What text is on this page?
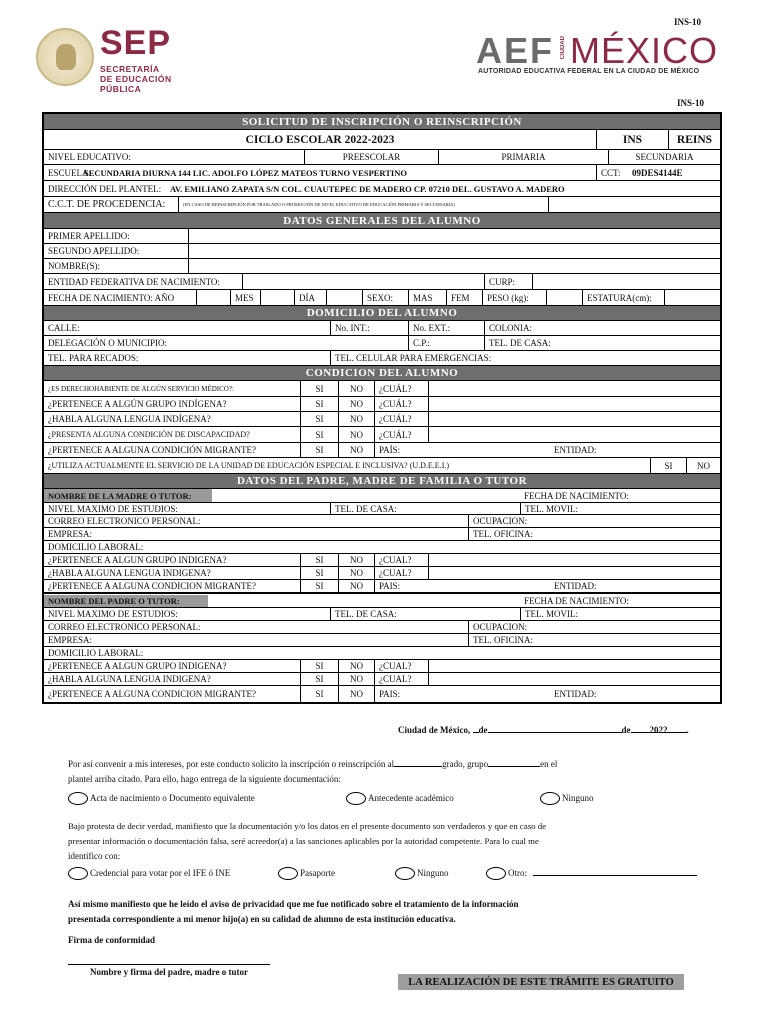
SEP
SECRETARÍA
DE EDUCACIÓN
PÚBLICA
INS-10
AEF CIUDAD MÉXICO
AUTORIDAD EDUCATIVA FEDERAL EN LA CIUDAD DE MÉXICO
INS-10
SOLICITUD DE INSCRIPCIÓN O REINSCRIPCIÓN
CICLO ESCOLAR 2022-2023	INS	REINS
NIVEL EDUCATIVO:	PREESCOLAR	PRIMARIA	SECUNDARIA
ESCUELA:
SECUNDARIA DIURNA 144 LIC. ADOLFO LÓPEZ MATEOS TURNO VESPERTINO	CCT:	09DES4144E
DIRECCIÓN DEL PLANTEL:	AV. EMILIANO ZAPATA S/N COL. CUAUTEPEC DE MADERO CP. 07210 DEL. GUSTAVO A. MADERO
C.C.T. DE PROCEDENCIA:	(EN CASO DE REINSCRIPCIÓN POR TRASLADO O PROMOCIÓN DE NIVEL EDUCATIVO DE EDUCACIÓN PRIMARIA Y SECUNDARIA)
DATOS GENERALES DEL ALUMNO
PRIMER APELLIDO:
SEGUNDO APELLIDO:
NOMBRE(S):
ENTIDAD FEDERATIVA DE NACIMIENTO:	CURP:
FECHA DE NACIMIENTO: AÑO	MES	DÍA	SEXO:	MAS	FEM	PESO (kg):	ESTATURA(cm):
DOMICILIO DEL ALUMNO
CALLE:	No. INT.:	No. EXT.:	COLONIA:
DELEGACIÓN O MUNICIPIO:	C.P.:	TEL. DE CASA:
TEL. PARA RECADOS:	TEL. CELULAR PARA EMERGENCIAS:
CONDICION DEL ALUMNO
¿ES DERECHOHABIENTE DE ALGÚN SERVICIO MÉDICO?:	SI	NO	¿CUÁL?
¿PERTENECE A ALGÚN GRUPO INDÍGENA?	SI	NO	¿CUÁL?
¿HABLA ALGUNA LENGUA INDÍGENA?	SI	NO	¿CUÁL?
¿PRESENTA ALGUNA CONDICIÓN DE DISCAPACIDAD?	SI	NO	¿CUÁL?
¿PERTENECE A ALGUNA CONDICIÓN MIGRANTE?	SI	NO	PAÍS:	ENTIDAD:
¿UTILIZA ACTUALMENTE EL SERVICIO DE LA UNIDAD DE EDUCACIÓN ESPECIAL E INCLUSIVA? (U.D.E.E.I.)	SI	NO
DATOS DEL PADRE, MADRE DE FAMILIA O TUTOR
NOMBRE DE LA MADRE O TUTOR:	FECHA DE NACIMIENTO:
NIVEL MAXIMO DE ESTUDIOS:	TEL. DE CASA:	TEL. MOVIL:
CORREO ELECTRONICO PERSONAL:	OCUPACION:
EMPRESA:	TEL. OFICINA:
DOMICILIO LABORAL:
¿PERTENECE A ALGUN GRUPO INDIGENA?	SI	NO	¿CUAL?
¿HABLA ALGUNA LENGUA INDIGENA?	SI	NO	¿CUAL?
¿PERTENECE A ALGUNA CONDICION MIGRANTE?	SI	NO	PAIS:	ENTIDAD:
NOMBRE DEL PADRE O TUTOR:	FECHA DE NACIMIENTO:
NIVEL MAXIMO DE ESTUDIOS:	TEL. DE CASA:	TEL. MOVIL:
CORREO ELECTRONICO PERSONAL:	OCUPACION:
EMPRESA:	TEL. OFICINA:
DOMICILIO LABORAL:
¿PERTENECE A ALGUN GRUPO INDIGENA?	SI	NO	¿CUAL?
¿HABLA ALGUNA LENGUA INDIGENA?	SI	NO	¿CUAL?
¿PERTENECE A ALGUNA CONDICION MIGRANTE?	SI	NO	PAIS:	ENTIDAD:
Ciudad de México, de	de 2022 .
Por así convenir a mis intereses, por este conducto solicito la inscripción o reinscripción al	grado, grupo	en el
plantel arriba citado. Para ello, hago entrega de la siguiente documentación:
Acta de nacimiento o Documento equivalente	Antecedente académico	Ninguno
Bajo protesta de decir verdad, manifiesto que la documentación y/o los datos en el presente documento son verdaderos y que en caso de
presentar información o documentación falsa, seré acreedor(a) a las sanciones aplicables por la autoridad competente. Para lo cual me
identifico con:
Credencial para votar por el IFE ó INE	Pasaporte	Ninguno	Otro:
Así mismo manifiesto que he leído el aviso de privacidad que me fue notificado sobre el tratamiento de la información
presentada correspondiente a mi menor hijo(a) en su calidad de alumno de esta institución educativa.
Firma de conformidad
Nombre y firma del padre, madre o tutor
LA REALIZACIÓN DE ESTE TRÁMITE ES GRATUITO
